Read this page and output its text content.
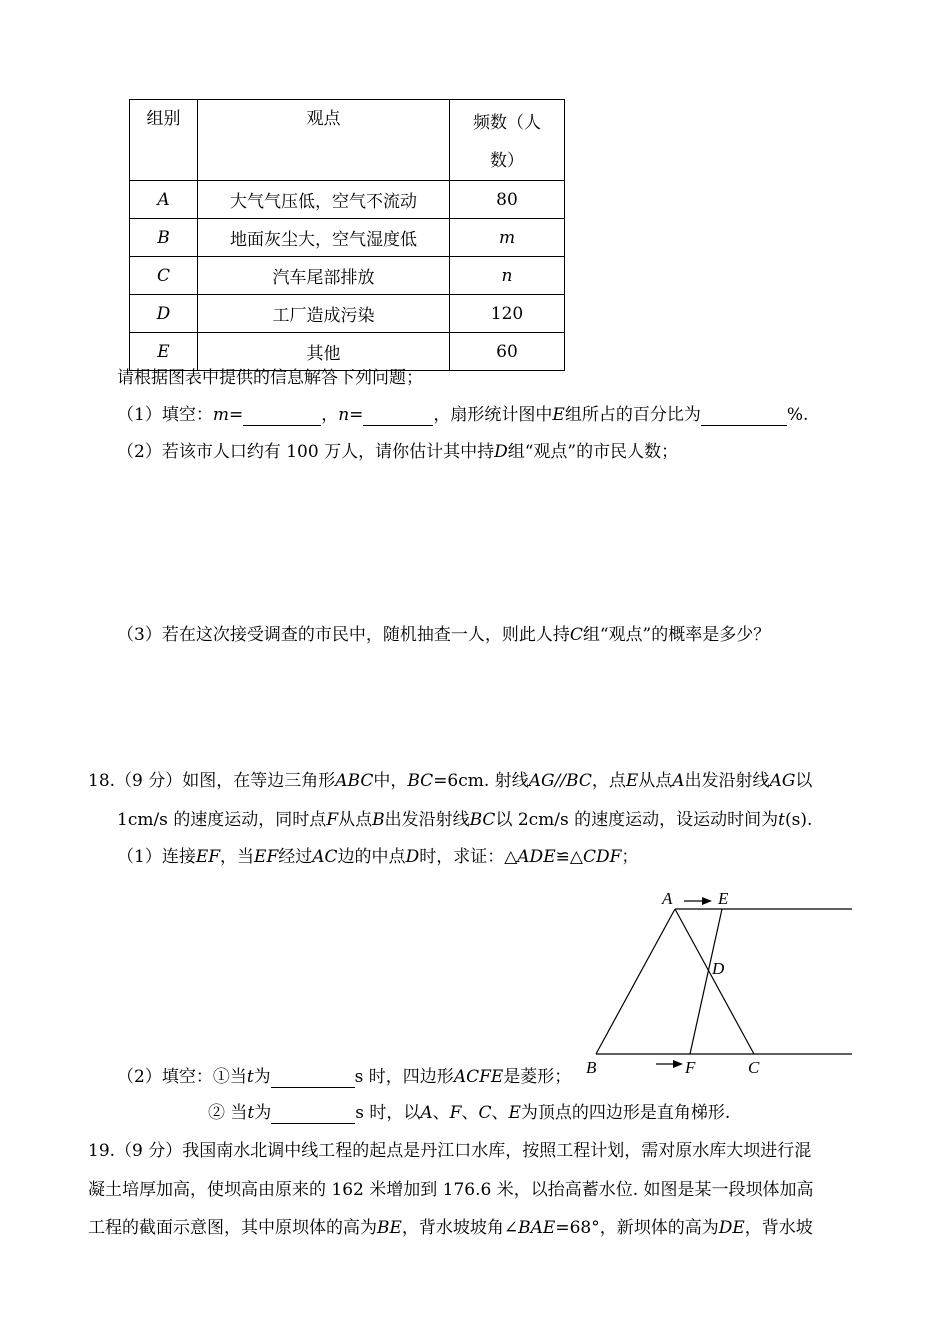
组别	观点	频数（人数）

A	大气气压低，空气不流动	80
B	地面灰尘大，空气湿度低	m
C	汽车尾部排放	n
D	工厂造成污染	120
E	其他	60
请根据图表中提供的信息解答下列问题；
（1）填空：m=	，n=	，扇形统计图中E组所占的百分比为	%.
（2）若该市人口约有 100 万人，请你估计其中持D组“观点”的市民人数；
（3）若在这次接受调查的市民中，随机抽查一人，则此人持C组“观点”的概率是多少？
18.（9 分）如图，在等边三角形ABC中，BC=6cm. 射线AG//BC，点E从点A出发沿射线AG以
1cm/s 的速度运动，同时点F从点B出发沿射线BC以 2cm/s 的速度运动，设运动时间为t(s).
（1）连接EF，当EF经过AC边的中点D时，求证：△ADE≌△CDF；
（2）填空：①当t为	s 时，四边形ACFE是菱形；
② 当t为	s 时，以A、F、C、E为顶点的四边形是直角梯形.
A	E
D
B	F	C
19.（9 分）我国南水北调中线工程的起点是丹江口水库，按照工程计划，需对原水库大坝进行混
凝土培厚加高，使坝高由原来的 162 米增加到 176.6 米，以抬高蓄水位. 如图是某一段坝体加高
工程的截面示意图，其中原坝体的高为BE，背水坡坡角∠BAE=68°，新坝体的高为DE，背水坡
